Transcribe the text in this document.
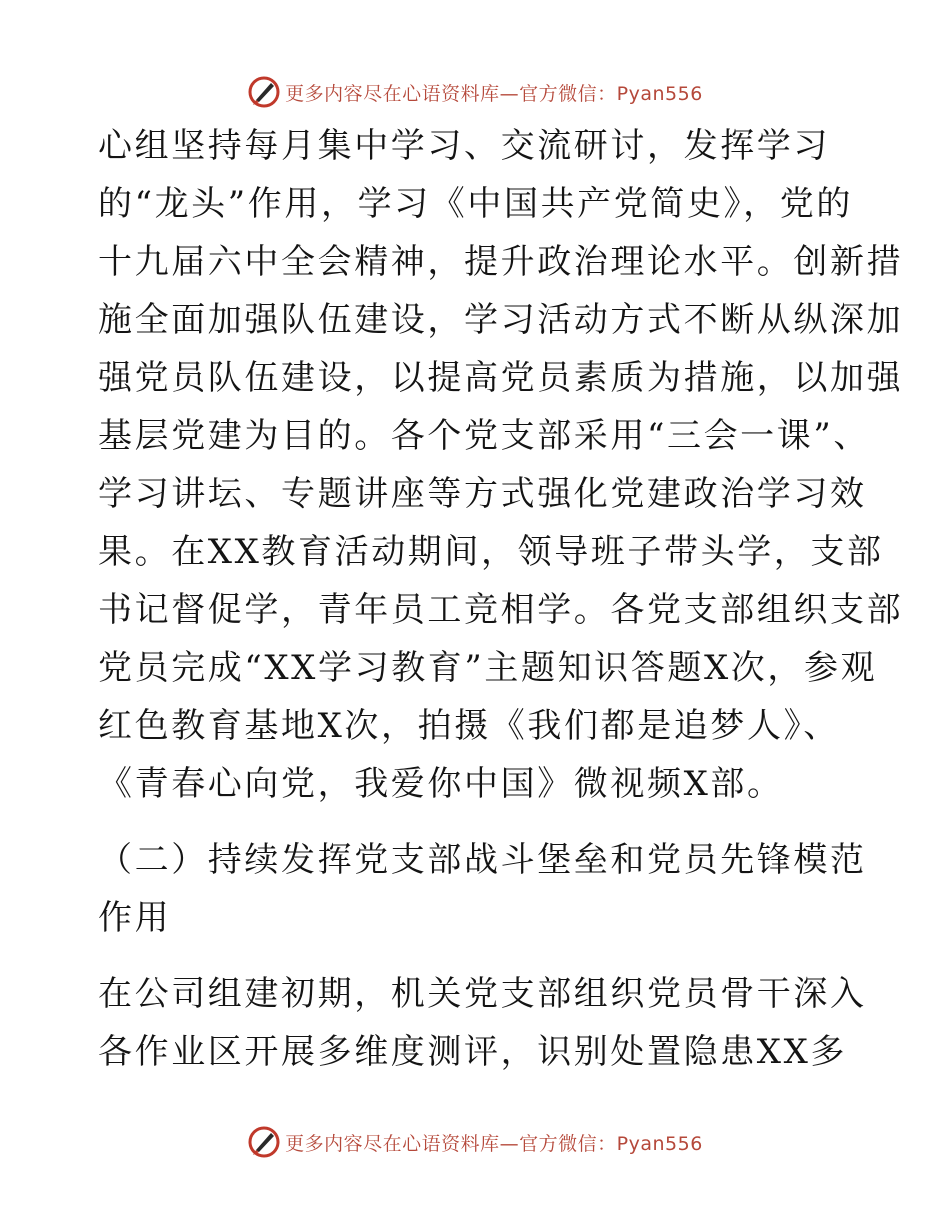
更多内容尽在心语资料库—官方微信：Pyan556
心组坚持每月集中学习、交流研讨，发挥学习
的“龙头”作用，学习《中国共产党简史》，党的
十九届六中全会精神，提升政治理论水平。创新措
施全面加强队伍建设，学习活动方式不断从纵深加
强党员队伍建设，以提高党员素质为措施，以加强
基层党建为目的。各个党支部采用“三会一课”、
学习讲坛、专题讲座等方式强化党建政治学习效
果。在XX教育活动期间，领导班子带头学，支部
书记督促学，青年员工竞相学。各党支部组织支部
党员完成“XX学习教育”主题知识答题X次，参观
红色教育基地X次，拍摄《我们都是追梦人》、
《青春心向党，我爱你中国》微视频X部。
（二）持续发挥党支部战斗堡垒和党员先锋模范
作用
在公司组建初期，机关党支部组织党员骨干深入
各作业区开展多维度测评，识别处置隐患XX多
更多内容尽在心语资料库—官方微信：Pyan556
